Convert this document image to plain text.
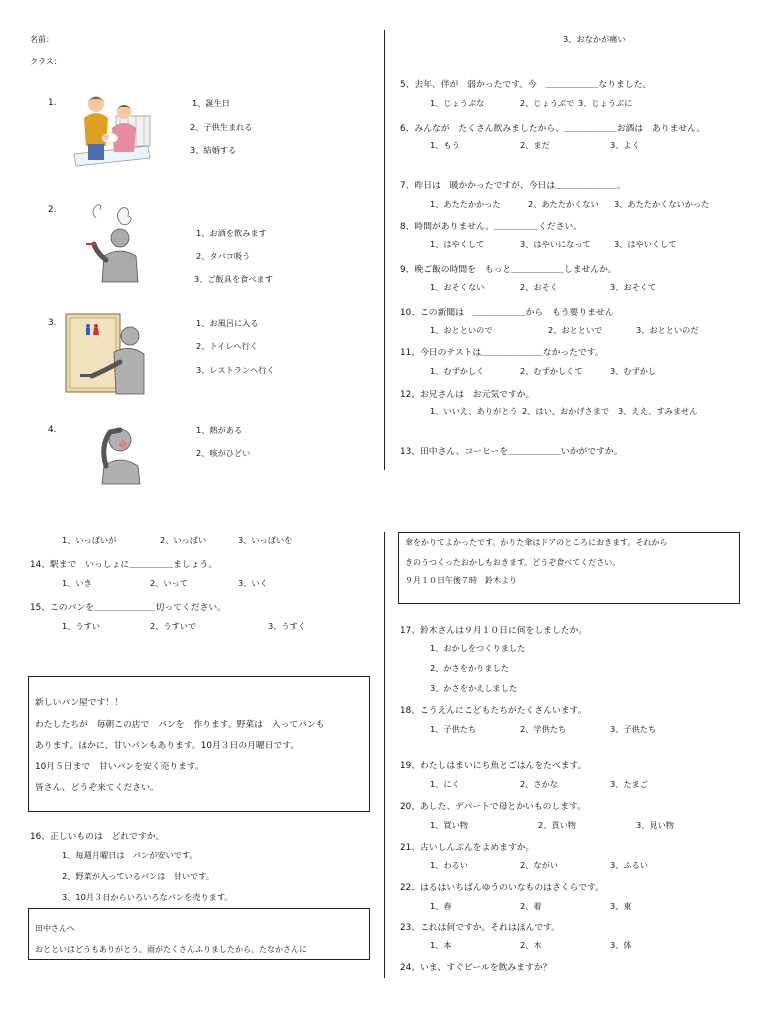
名前：
クラス：
1.	1、誕生日
2、子供生まれる
3、結婚する
2.
1、お酒を飲みます
2、タバコ吸う
3、ご飯具を食べます
3.	1、お風呂に入る
2、トイレへ行く
3、レストランへ行く
4.	1、熱がある
2、咳がひどい
3、おなかが痛い
5、去年、伴が　弱かったです。今　＿＿＿＿＿＿なりました。
1、じょうぶな	2、じょうぶで 3、じょうぶに
6、みんなが　たくさん飲みましたから、＿＿＿＿＿＿お酒は　ありません。
1、もう	2、まだ	3、よく
7、昨日は　暖かかったですが、今日は＿＿＿＿＿＿＿。
1、あたたかかった	2、あたたかくない 3、あたたかくないかった
8、時間がありません。＿＿＿＿＿ください。
1、はやくして	3、はやいになって	3、はやいくして
9、晩ご飯の時間を　もっと＿＿＿＿＿＿しませんか。
1、おそくない	2、おそく	3、おそくて
10、この新聞は　＿＿＿＿＿＿から　もう要りません
1、おとといので	2、おとといで	3、おとといのだ
11、今日のテストは＿＿＿＿＿＿＿なかったです。
1、むずかしく	2、むずかしくて	3、むずかし
12、お兄さんは　お元気ですか。
1、いいえ、ありがとう 2、はい、おかげさまで 3、ええ、すみません
13、田中さん、コーヒーを＿＿＿＿＿＿いかがですか。
1、いっぱいが	2、いっぱい	3、いっぱいを
14、駅まで　いっしょに＿＿＿＿＿ましょう。
1、いき	2、いって	3、いく
15、このパンを＿＿＿＿＿＿＿切ってください。
1、うすい	2、うすいで	3、うすく
新しいパン屋です！！
わたしたちが　毎朝この店で　パンを　作ります。野菜は　入ってパンも
あります。ほかに、甘いパンもあります。10月３日の月曜日です。
10月５日まで　甘いパンを安く売ります。
皆さん、どうぞ来てください。
16、正しいものは　どれですか。
1、毎週月曜日は　パンが安いです。
2、野菜が入っているパンは　甘いです。
3、10月３日からいろいろなパンを売ります。
田中さんへ
おとといはどうもありがとう。雨がたくさんふりましたから、たなかさんに
傘をかりてよかったです。かりた傘はドアのところにおきます。それから
きのうつくったおかしもおきます。どうぞ食べてください。
９月１０日午後７時　鈴木より
17、鈴木さんは９月１０日に何をしましたか。
1、おかしをつくりました
2、かさをかりました
3、かさをかえしました
18、こうえんにこどもたちがたくさんいます。
1、子供たち	2、学供たち	3、子供たち
19、わたしはまいにち魚とごはんをたべます。
1、にく	2、さかな	3、たまご
20、あした、デパートで母とかいものします。
1、買い物	2、貢い物	3、見い物
21、古いしんぶんをよめますか。
1、わるい	2、ながい	3、ふるい
22、はるはいちばんゆうのいなものはさくらです。
1、春	2、着	3、東
23、これは何ですか。それはほんです。
1、本	2、木	3、体
24、いま、すぐビールを飲みますか？
